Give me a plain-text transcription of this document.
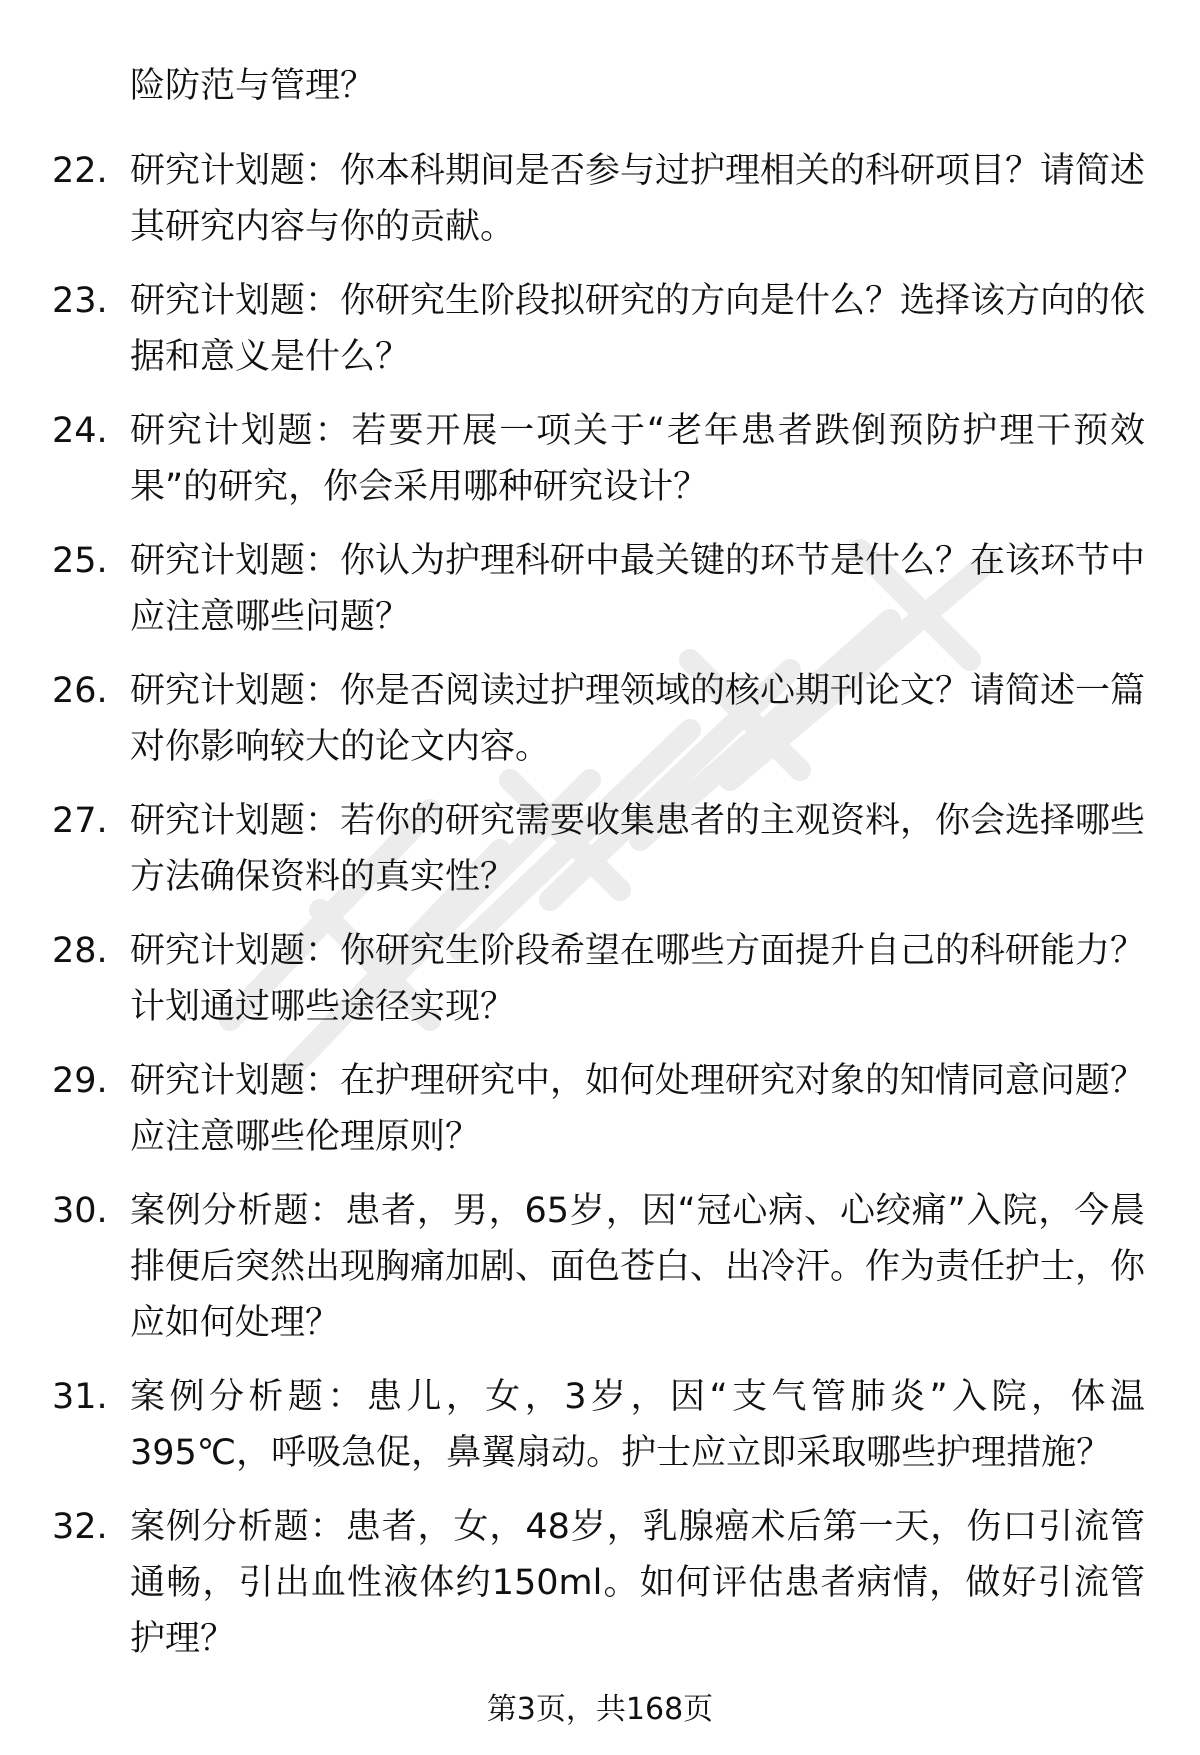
险防范与管理？
22. 研究计划题：你本科期间是否参与过护理相关的科研项目？请简述其研究内容与你的贡献。
23. 研究计划题：你研究生阶段拟研究的方向是什么？选择该方向的依据和意义是什么？
24. 研究计划题：若要开展一项关于“老年患者跌倒预防护理干预效果”的研究，你会采用哪种研究设计？
25. 研究计划题：你认为护理科研中最关键的环节是什么？在该环节中应注意哪些问题？
26. 研究计划题：你是否阅读过护理领域的核心期刊论文？请简述一篇对你影响较大的论文内容。
27. 研究计划题：若你的研究需要收集患者的主观资料，你会选择哪些方法确保资料的真实性？
28. 研究计划题：你研究生阶段希望在哪些方面提升自己的科研能力？计划通过哪些途径实现？
29. 研究计划题：在护理研究中，如何处理研究对象的知情同意问题？应注意哪些伦理原则？
30. 案例分析题：患者，男，65岁，因“冠心病、心绞痛”入院，今晨排便后突然出现胸痛加剧、面色苍白、出冷汗。作为责任护士，你应如何处理？
31. 案例分析题：患儿，女，3岁，因“支气管肺炎”入院，体温395℃，呼吸急促，鼻翼扇动。护士应立即采取哪些护理措施？
32. 案例分析题：患者，女，48岁，乳腺癌术后第一天，伤口引流管通畅，引出血性液体约150ml。如何评估患者病情，做好引流管护理？
第3页，共168页
